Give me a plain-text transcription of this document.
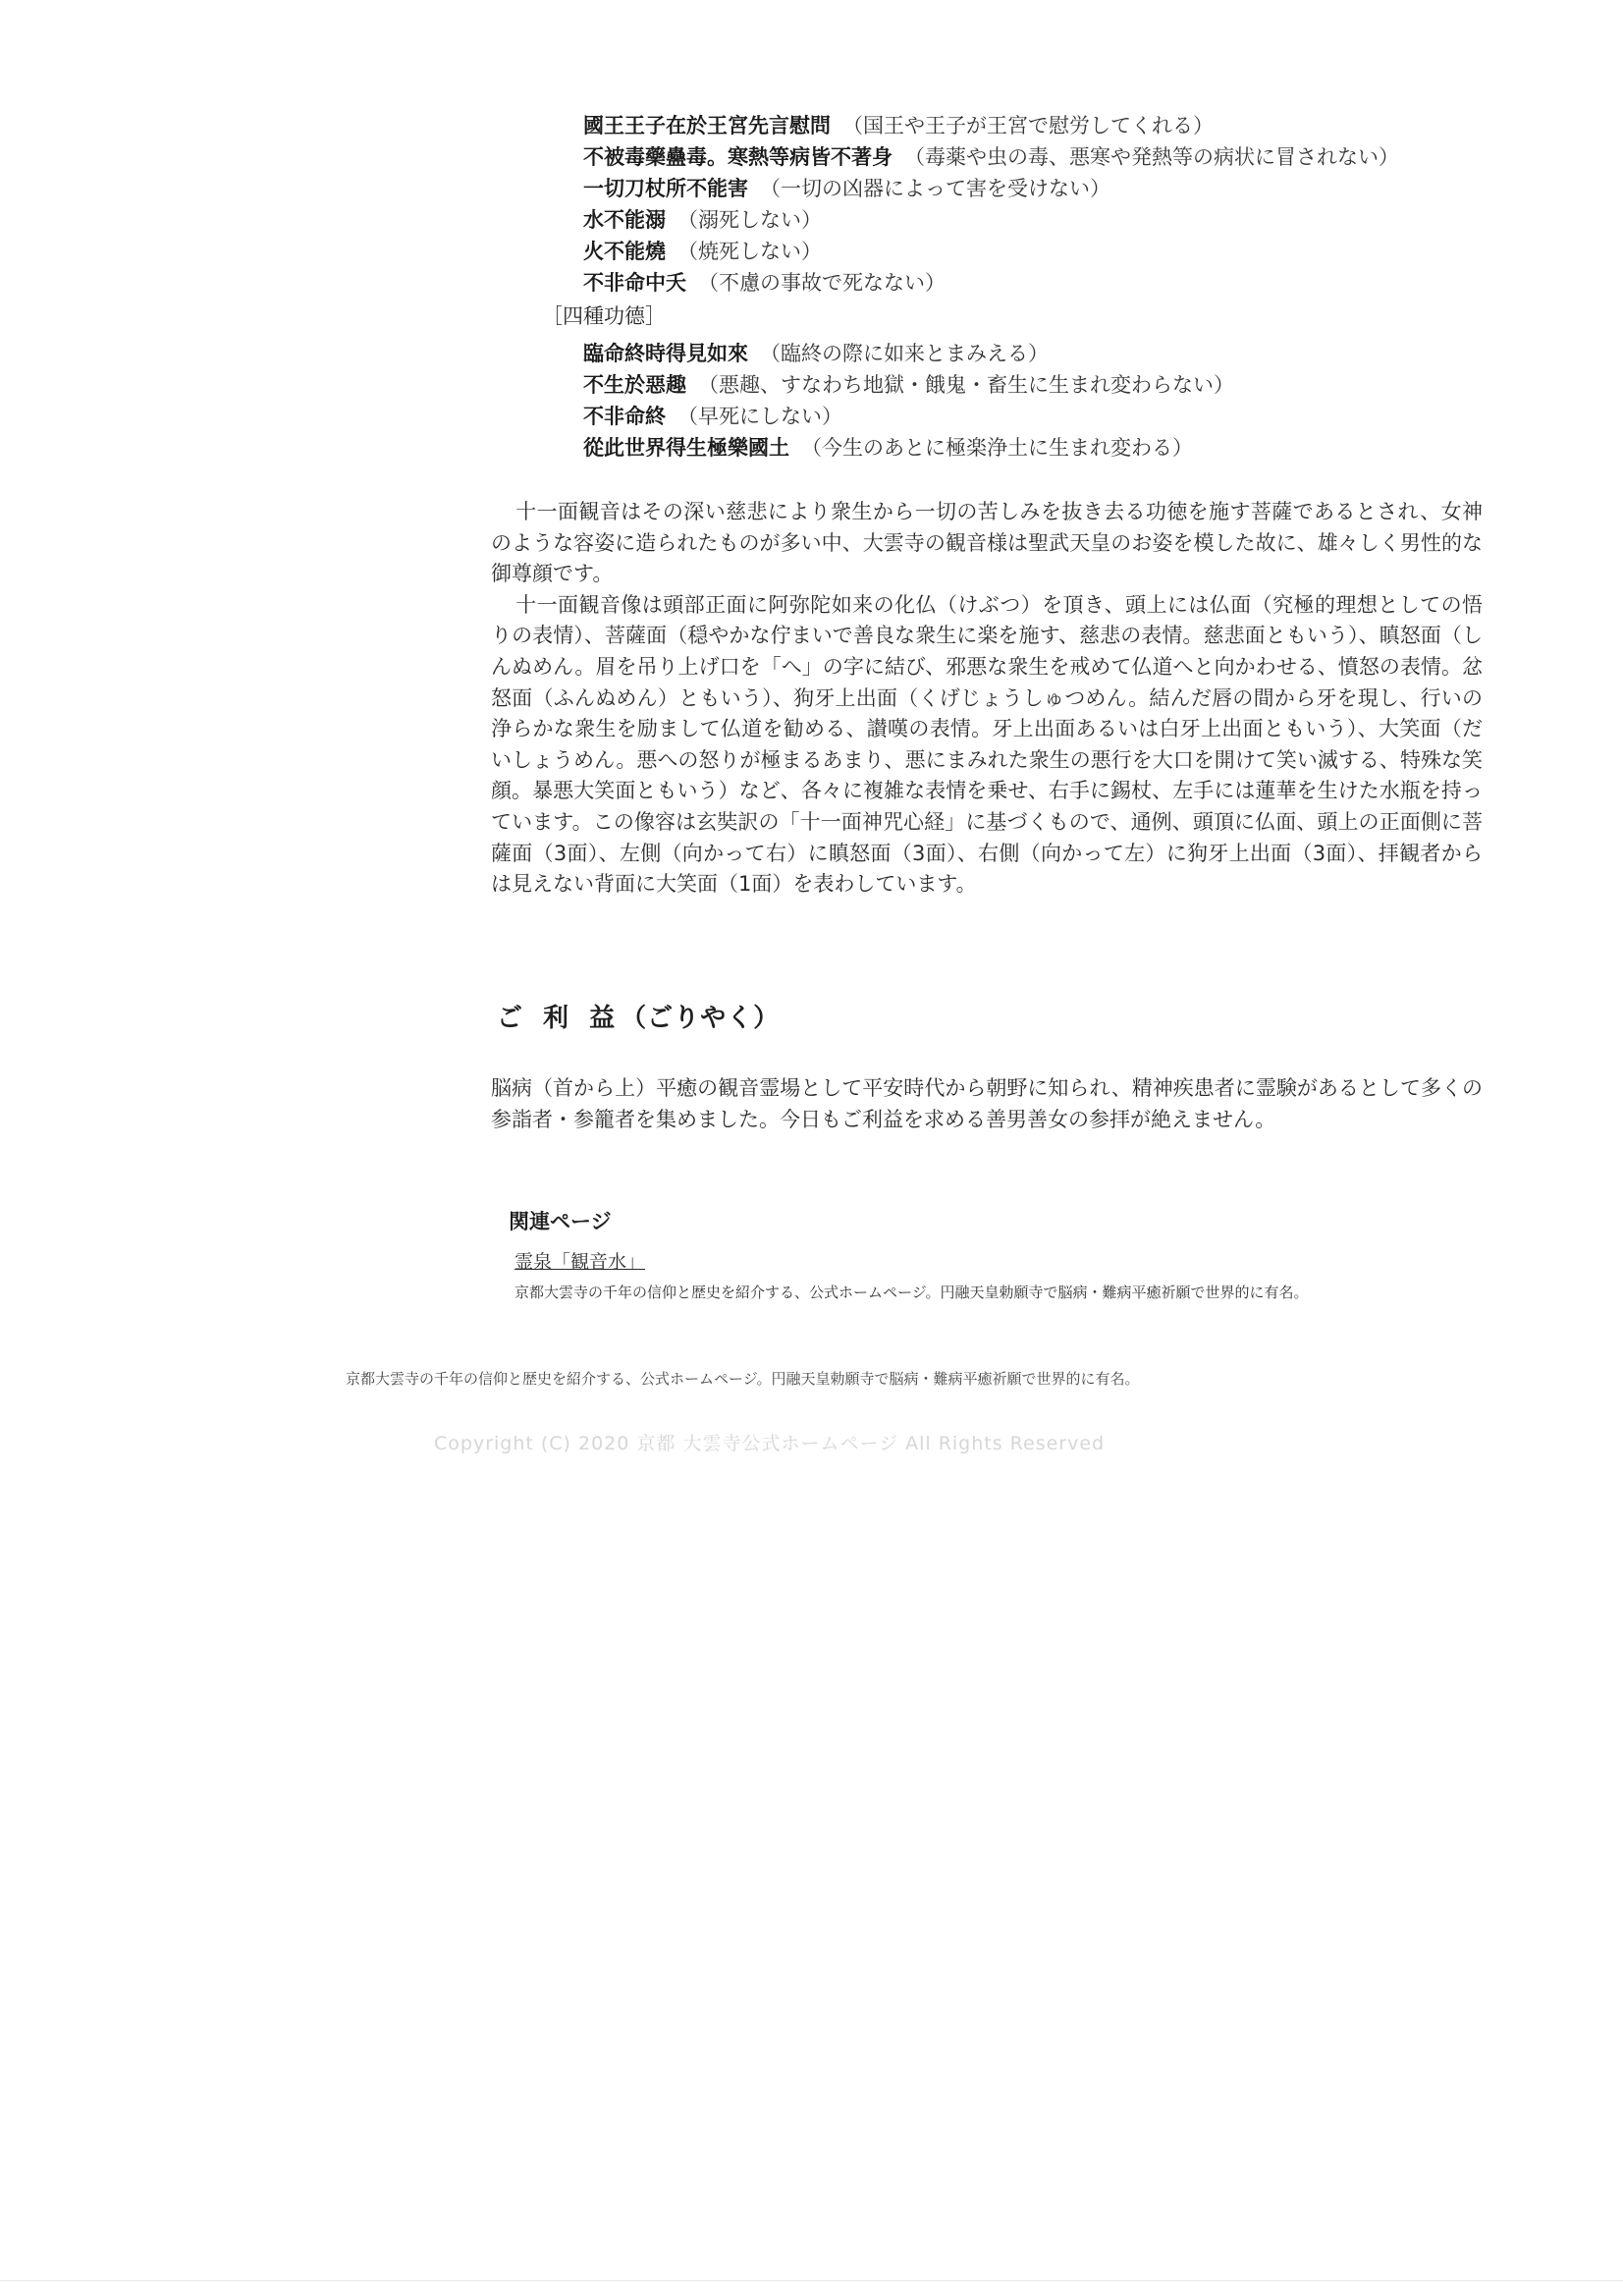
國王王子在於王宮先言慰問 （国王や王子が王宮で慰労してくれる）
不被毒藥蠱毒。寒熱等病皆不著身 （毒薬や虫の毒、悪寒や発熱等の病状に冒されない）
一切刀杖所不能害 （一切の凶器によって害を受けない）
水不能溺 （溺死しない）
火不能燒 （焼死しない）
不非命中夭 （不慮の事故で死なない）
［四種功德］
臨命終時得見如來 （臨終の際に如来とまみえる）
不生於惡趣 （悪趣、すなわち地獄・餓鬼・畜生に生まれ変わらない）
不非命終 （早死にしない）
從此世界得生極樂國土 （今生のあとに極楽浄土に生まれ変わる）

十一面観音はその深い慈悲により衆生から一切の苦しみを抜き去る功徳を施す菩薩であるとされ、女神のような容姿に造られたものが多い中、大雲寺の観音様は聖武天皇のお姿を模した故に、雄々しく男性的な御尊顔です。

十一面観音像は頭部正面に阿弥陀如来の化仏（けぶつ）を頂き、頭上には仏面（究極的理想としての悟りの表情）、菩薩面（穏やかな佇まいで善良な衆生に楽を施す、慈悲の表情。慈悲面ともいう）、瞋怒面（しんぬめん。眉を吊り上げ口を「へ」の字に結び、邪悪な衆生を戒めて仏道へと向かわせる、憤怒の表情。忿怒面（ふんぬめん）ともいう）、狗牙上出面（くげじょうしゅつめん。結んだ唇の間から牙を現し、行いの浄らかな衆生を励まして仏道を勧める、讃嘆の表情。牙上出面あるいは白牙上出面ともいう）、大笑面（だいしょうめん。悪への怒りが極まるあまり、悪にまみれた衆生の悪行を大口を開けて笑い滅する、特殊な笑顔。暴悪大笑面ともいう）など、各々に複雑な表情を乗せ、右手に錫杖、左手には蓮華を生けた水瓶を持っています。この像容は玄奘訳の「十一面神咒心経」に基づくもので、通例、頭頂に仏面、頭上の正面側に菩薩面（3面）、左側（向かって右）に瞋怒面（3面）、右側（向かって左）に狗牙上出面（3面）、拝観者からは見えない背面に大笑面（1面）を表わしています。

ご 利 益（ごりやく）

脳病（首から上）平癒の観音霊場として平安時代から朝野に知られ、精神疾患者に霊験があるとして多くの参詣者・参籠者を集めました。今日もご利益を求める善男善女の参拝が絶えません。

関連ページ
霊泉「観音水」
京都大雲寺の千年の信仰と歴史を紹介する、公式ホームページ。円融天皇勅願寺で脳病・難病平癒祈願で世界的に有名。
京都大雲寺の千年の信仰と歴史を紹介する、公式ホームページ。円融天皇勅願寺で脳病・難病平癒祈願で世界的に有名。
Copyright (C) 2020 京都 大雲寺公式ホームページ All Rights Reserved
